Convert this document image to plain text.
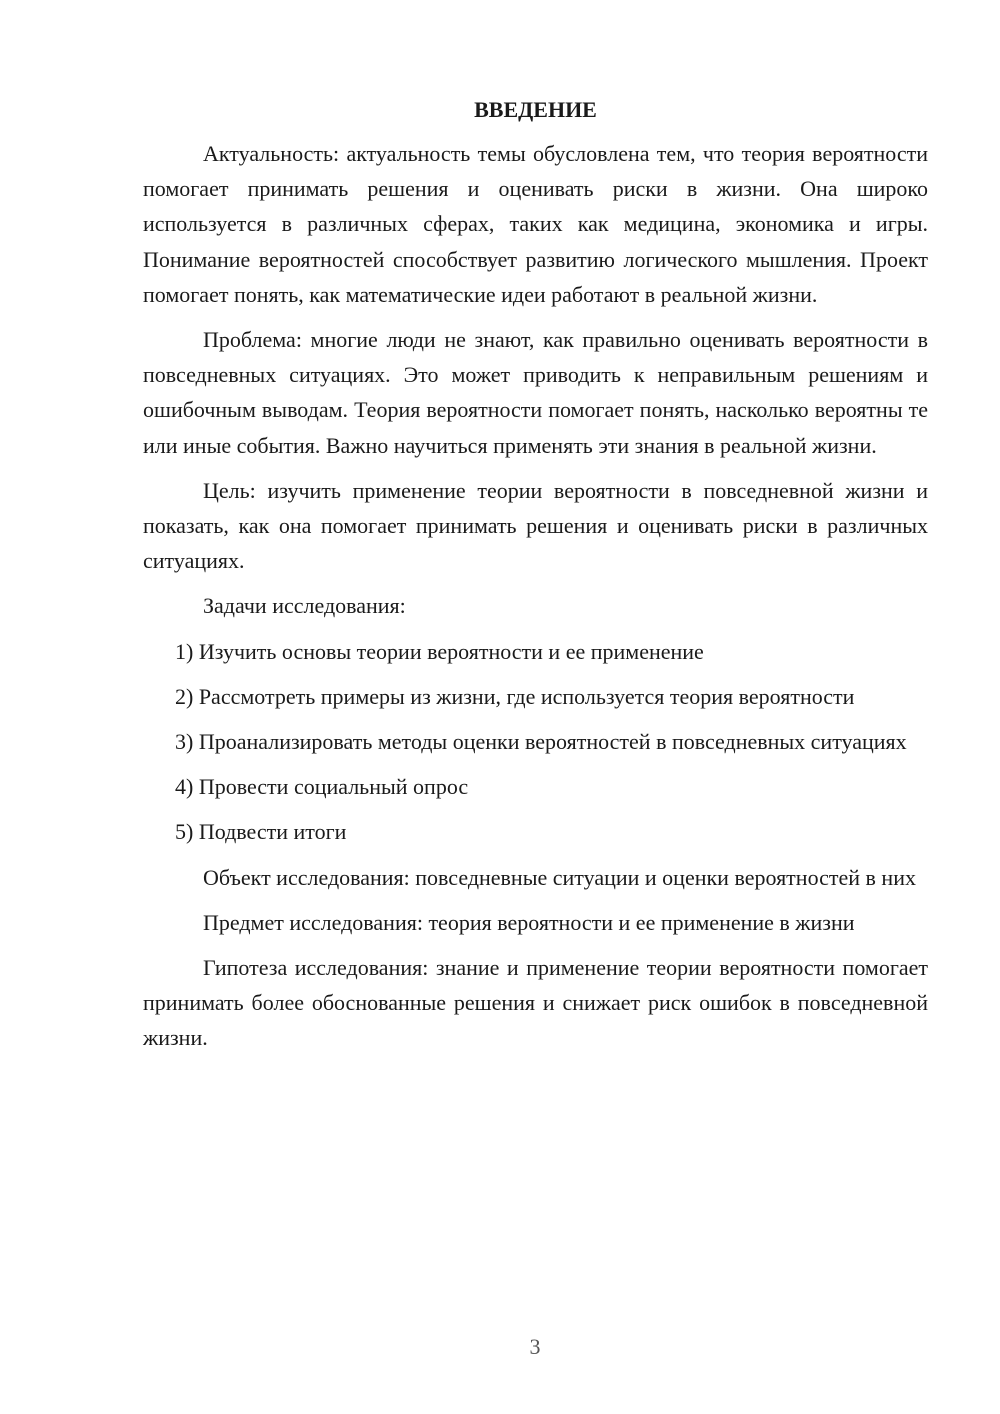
ВВЕДЕНИЕ

Актуальность: актуальность темы обусловлена тем, что теория вероятности помогает принимать решения и оценивать риски в жизни. Она широко используется в различных сферах, таких как медицина, экономика и игры. Понимание вероятностей способствует развитию логического мышления. Проект помогает понять, как математические идеи работают в реальной жизни.

Проблема: многие люди не знают, как правильно оценивать вероятности в повседневных ситуациях. Это может приводить к неправильным решениям и ошибочным выводам. Теория вероятности помогает понять, насколько вероятны те или иные события. Важно научиться применять эти знания в реальной жизни.

Цель: изучить применение теории вероятности в повседневной жизни и показать, как она помогает принимать решения и оценивать риски в различных ситуациях.

Задачи исследования:

1) Изучить основы теории вероятности и ее применение

2) Рассмотреть примеры из жизни, где используется теория вероятности

3) Проанализировать методы оценки вероятностей в повседневных ситуациях

4) Провести социальный опрос

5) Подвести итоги

Объект исследования: повседневные ситуации и оценки вероятностей в них

Предмет исследования: теория вероятности и ее применение в жизни

Гипотеза исследования: знание и применение теории вероятности помогает принимать более обоснованные решения и снижает риск ошибок в повседневной жизни.

3
